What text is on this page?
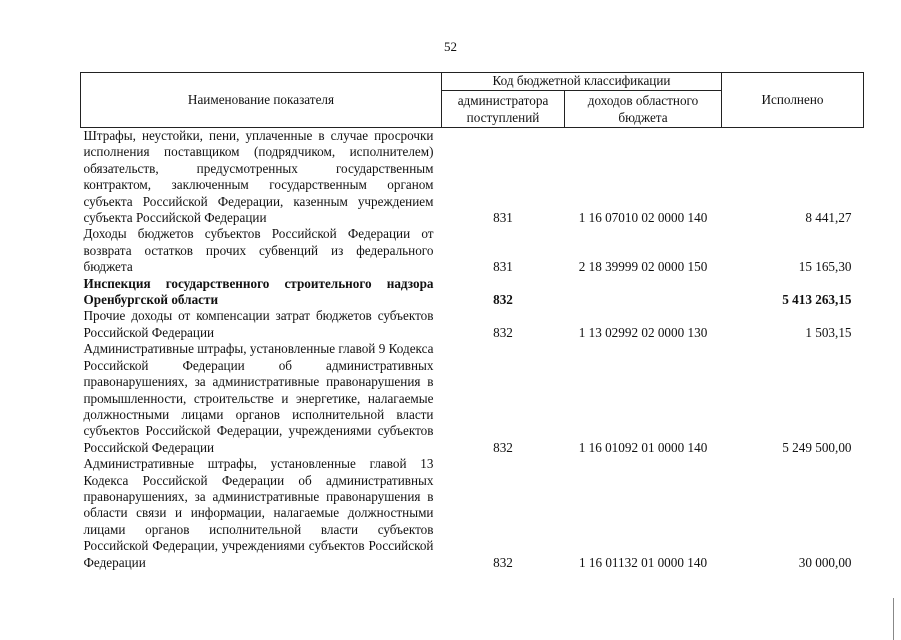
52
Наименование показателя	Код бюджетной классификации		Исполнено
	администратора поступлений	доходов областного бюджета	
Штрафы, неустойки, пени, уплаченные в случае просрочки исполнения поставщиком (подрядчиком, исполнителем) обязательств, предусмотренных государственным контрактом, заключенным государственным органом субъекта Российской Федерации, казенным учреждением субъекта Российской Федерации	831	1 16 07010 02 0000 140	8 441,27
Доходы бюджетов субъектов Российской Федерации от возврата остатков прочих субвенций из федерального бюджета	831	2 18 39999 02 0000 150	15 165,30
Инспекция государственного строительного надзора Оренбургской области	832		5 413 263,15
Прочие доходы от компенсации затрат бюджетов субъектов Российской Федерации	832	1 13 02992 02 0000 130	1 503,15
Административные штрафы, установленные главой 9 Кодекса Российской Федерации об административных правонарушениях, за административные правонарушения в промышленности, строительстве и энергетике, налагаемые должностными лицами органов исполнительной власти субъектов Российской Федерации, учреждениями субъектов Российской Федерации	832	1 16 01092 01 0000 140	5 249 500,00
Административные штрафы, установленные главой 13 Кодекса Российской Федерации об административных правонарушениях, за административные правонарушения в области связи и информации, налагаемые должностными лицами органов исполнительной власти субъектов Российской Федерации, учреждениями субъектов Российской Федерации	832	1 16 01132 01 0000 140	30 000,00
